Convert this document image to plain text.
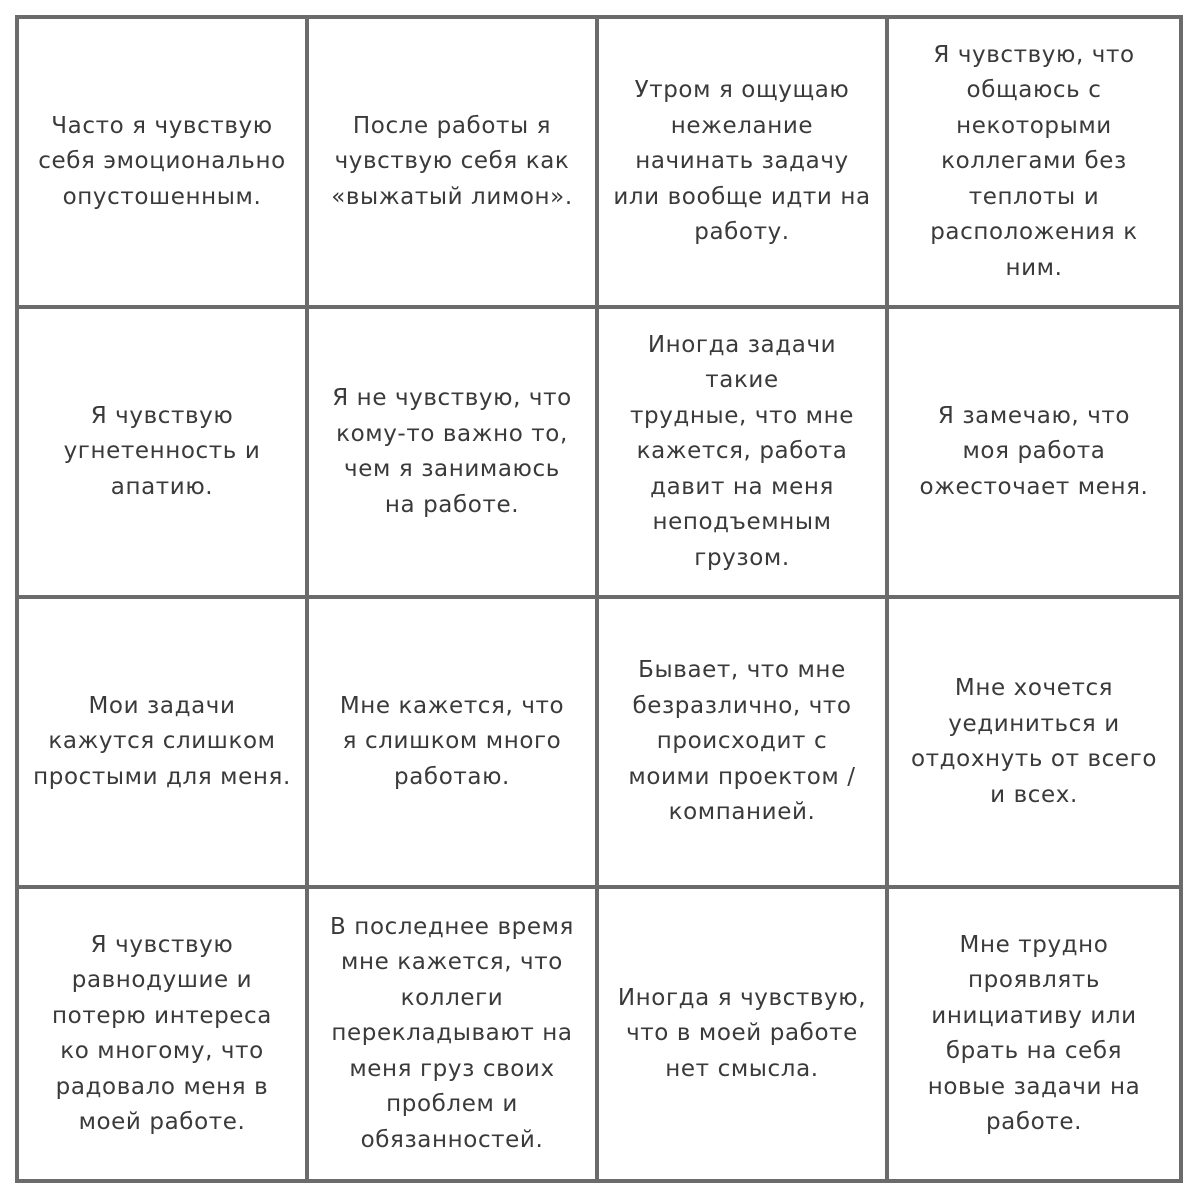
Часто я чувствую
себя эмоционально
опустошенным.
После работы я
чувствую себя как
«выжатый лимон».
Утром я ощущаю
нежелание
начинать задачу
или вообще идти на
работу.
Я чувствую, что
общаюсь с
некоторыми
коллегами без
теплоты и
расположения к
ним.
Я чувствую
угнетенность и
апатию.
Я не чувствую, что
кому-то важно то,
чем я занимаюсь
на работе.
Иногда задачи такие
трудные, что мне
кажется, работа
давит на меня
неподъемным
грузом.
Я замечаю, что
моя работа
ожесточает меня.
Мои задачи
кажутся слишком
простыми для меня.
Мне кажется, что
я слишком много
работаю.
Бывает, что мне
безразлично, что
происходит с
моими проектом /
компанией.
Мне хочется
уединиться и
отдохнуть от всего
и всех.
Я чувствую
равнодушие и
потерю интереса
ко многому, что
радовало меня в
моей работе.
В последнее время
мне кажется, что
коллеги
перекладывают на
меня груз своих
проблем и
обязанностей.
Иногда я чувствую,
что в моей работе
нет смысла.
Мне трудно
проявлять
инициативу или
брать на себя
новые задачи на
работе.
